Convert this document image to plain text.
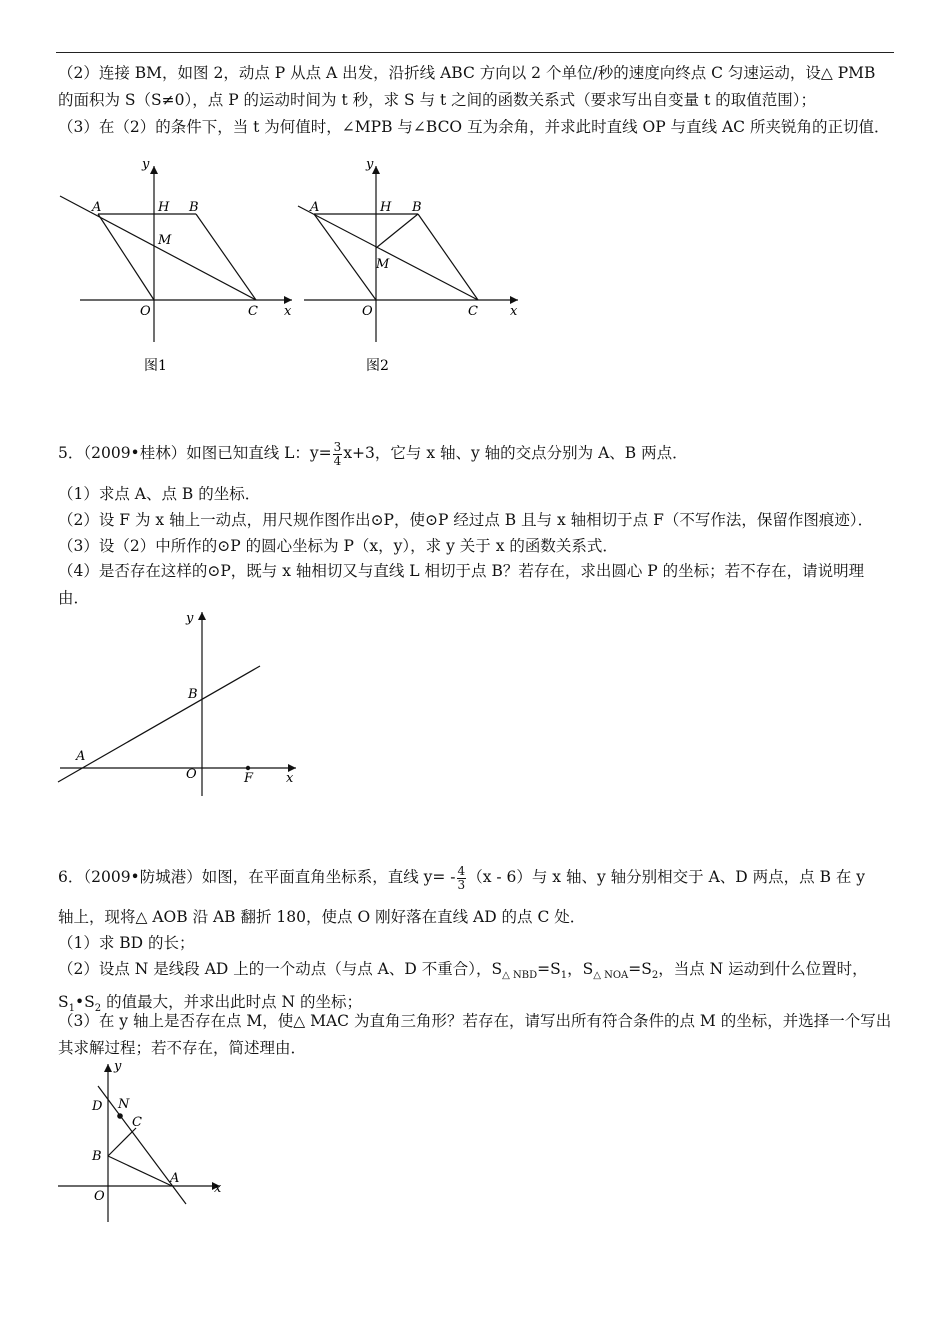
（2）连接 BM，如图 2，动点 P 从点 A 出发，沿折线 ABC 方向以 2 个单位/秒的速度向终点 C 匀速运动，设△ PMB 的面积为 S（S≠0），点 P 的运动时间为 t 秒，求 S 与 t 之间的函数关系式（要求写出自变量 t 的取值范围）；

（3）在（2）的条件下，当 t 为何值时，∠MPB 与∠BCO 互为余角，并求此时直线 OP 与直线 AC 所夹锐角的正切值．

y
x
A	H B
M
O	C
图1
y
x
A	H B
M
O	C
图2

5．（2009•桂林）如图已知直线 L：$y= \frac{3}{4} x+3$，它与 x 轴、y 轴的交点分别为 A、B 两点．

（1）求点 A、点 B 的坐标．

（2）设 F 为 x 轴上一动点，用尺规作图作出⊙P，使⊙P 经过点 B 且与 x 轴相切于点 F（不写作法，保留作图痕迹）．

（3）设（2）中所作的⊙P 的圆心坐标为 P（x，y），求 y 关于 x 的函数关系式．

（4）是否存在这样的⊙P，既与 x 轴相切又与直线 L 相切于点 B？若存在，求出圆心 P 的坐标；若不存在，请说明理由．

y
B
A
O	F	x

6．（2009•防城港）如图，在平面直角坐标系，直线 $y= - \frac{4}{3} (x - 6)$与 x 轴、y 轴分别相交于 A、D 两点，点 B 在 y

轴上，现将△ AOB 沿 AB 翻折 180，使点 O 刚好落在直线 AD 的点 C 处．

（1）求 BD 的长；

（2）设点 N 是线段 AD 上的一个动点（与点 A、D 不重合），$S_{\triangle NBD}=S_1$，$S_{\triangle NOA}=S_2$，当点 N 运动到什么位置时，
$S_1•S_2$ 的值最大，并求出此时点 N 的坐标；

（3）在 y 轴上是否存在点 M，使△ MAC 为直角三角形？若存在，请写出所有符合条件的点 M 的坐标，并选择一个写出其求解过程；若不存在，简述理由．

y
D N
C
B
A
O
x
